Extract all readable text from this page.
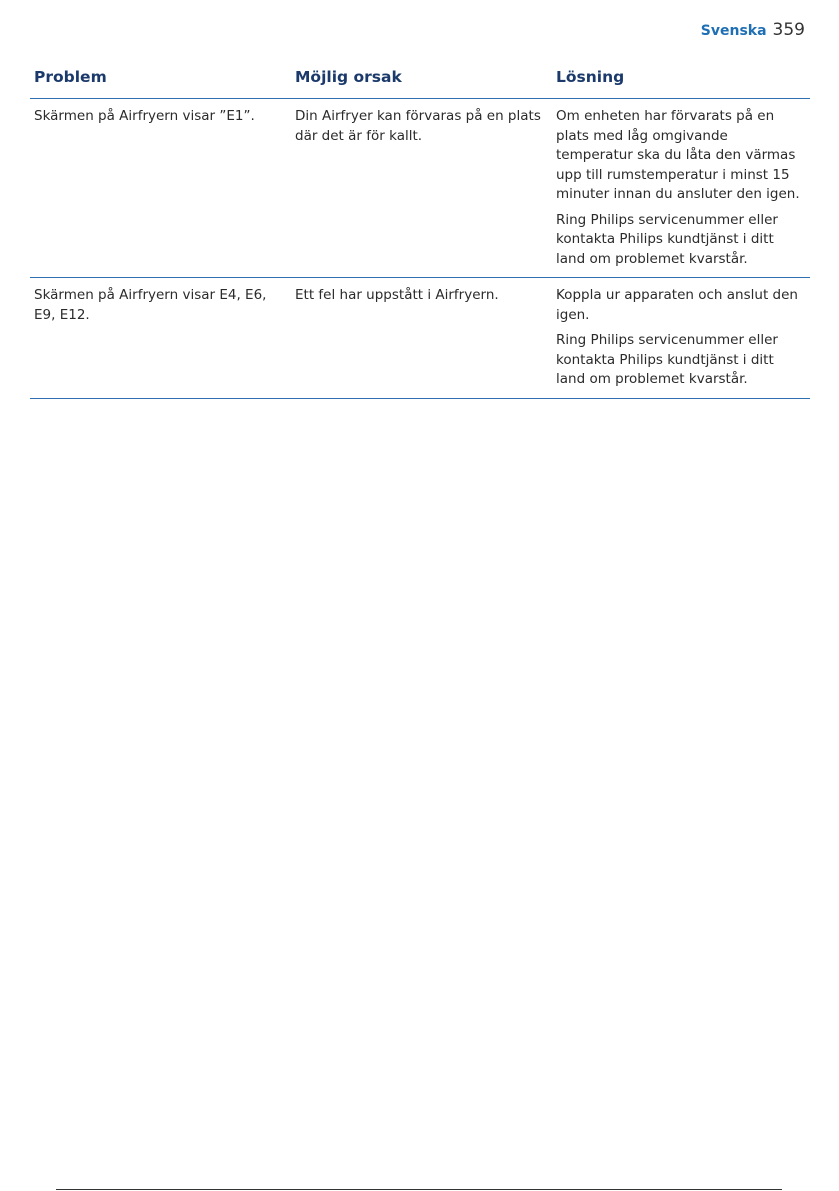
Svenska 359
Problem	Möjlig orsak	Lösning

Skärmen på Airfryern visar ”E1”.	Din Airfryer kan förvaras på en plats där det är för kallt.	Om enheten har förvarats på en plats med låg omgivande temperatur ska du låta den värmas upp till rumstemperatur i minst 15 minuter innan du ansluter den igen.

Ring Philips servicenummer eller kontakta Philips kundtjänst i ditt land om problemet kvarstår.

Skärmen på Airfryern visar E4, E6, E9, E12.	Ett fel har uppstått i Airfryern.	Koppla ur apparaten och anslut den igen.

Ring Philips servicenummer eller kontakta Philips kundtjänst i ditt land om problemet kvarstår.
